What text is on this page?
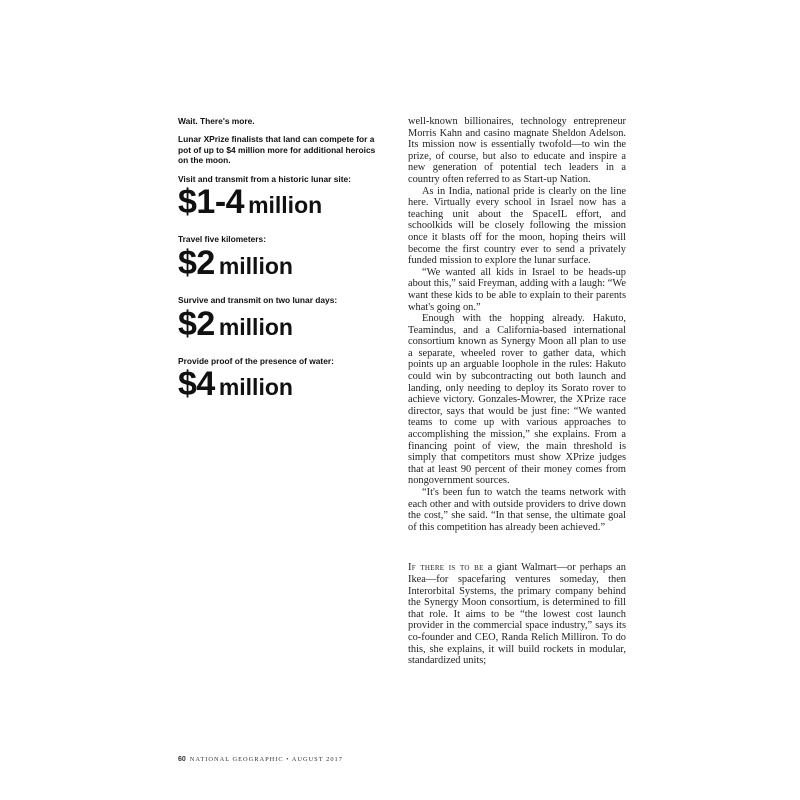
Wait. There's more.
Lunar XPrize finalists that land can compete for a pot of up to $4 million more for additional heroics on the moon.
Visit and transmit from a historic lunar site:
$1-4 million
Travel five kilometers:
$2 million
Survive and transmit on two lunar days:
$2 million
Provide proof of the presence of water:
$4 million

well-known billionaires, technology entrepreneur Morris Kahn and casino magnate Sheldon Adelson. Its mission now is essentially twofold—to win the prize, of course, but also to educate and inspire a new generation of potential tech leaders in a country often referred to as Start-up Nation.

As in India, national pride is clearly on the line here. Virtually every school in Israel now has a teaching unit about the SpaceIL effort, and schoolkids will be closely following the mission once it blasts off for the moon, hoping theirs will become the first country ever to send a privately funded mission to explore the lunar surface.

“We wanted all kids in Israel to be heads-up about this,” said Freyman, adding with a laugh: “We want these kids to be able to explain to their parents what's going on.”

Enough with the hopping already. Hakuto, Teamindus, and a California-based international consortium known as Synergy Moon all plan to use a separate, wheeled rover to gather data, which points up an arguable loophole in the rules: Hakuto could win by subcontracting out both launch and landing, only needing to deploy its Sorato rover to achieve victory. Gonzales-Mowrer, the XPrize race director, says that would be just fine: “We wanted teams to come up with various approaches to accomplishing the mission,” she explains. From a financing point of view, the main threshold is simply that competitors must show XPrize judges that at least 90 percent of their money comes from nongovernment sources.

“It's been fun to watch the teams network with each other and with outside providers to drive down the cost,” she said. “In that sense, the ultimate goal of this competition has already been achieved.”

If there is to be a giant Walmart—or perhaps an Ikea—for spacefaring ventures someday, then Interorbital Systems, the primary company behind the Synergy Moon consortium, is determined to fill that role. It aims to be “the lowest cost launch provider in the commercial space industry,” says its co-founder and CEO, Randa Relich Milliron. To do this, she explains, it will build rockets in modular, standardized units;

60 NATIONAL GEOGRAPHIC • AUGUST 2017
